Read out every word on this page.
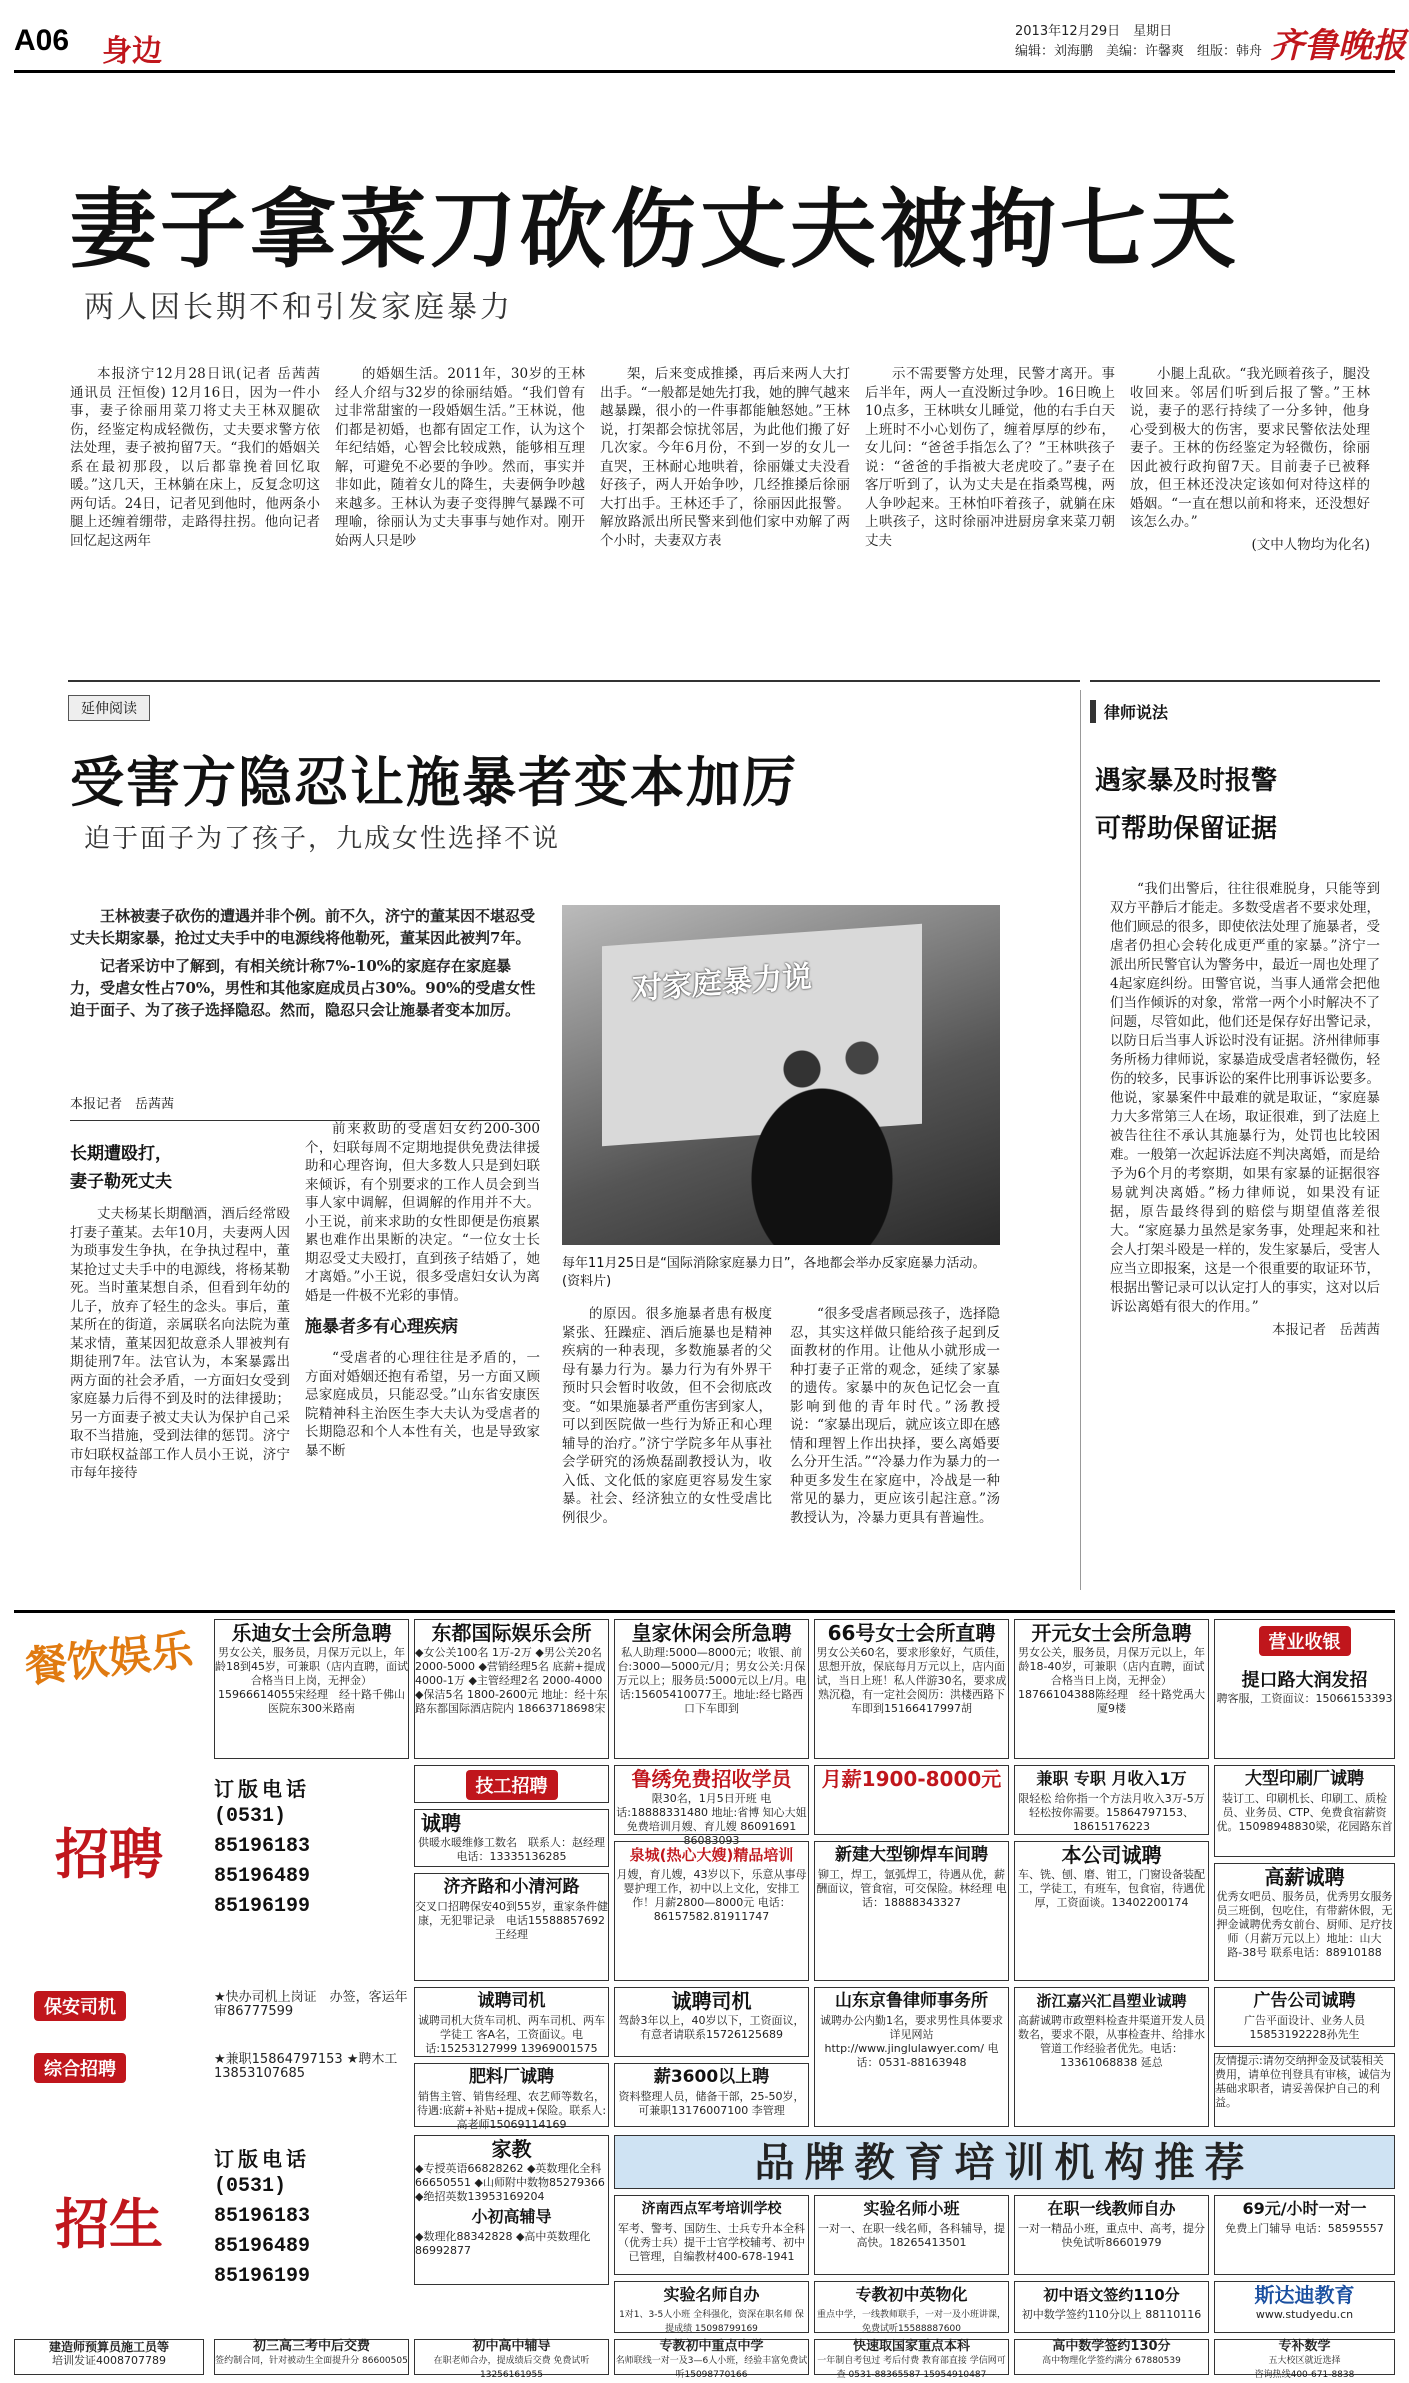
A06 身边
2013年12月29日　星期日
编辑：刘海鹏　美编：许馨爽　组版：韩舟 齐鲁晚报
妻子拿菜刀砍伤丈夫被拘七天
两人因长期不和引发家庭暴力

本报济宁12月28日讯(记者 岳茜茜 通讯员 汪恒俊) 12月16日，因为一件小事，妻子徐丽用菜刀将丈夫王林双腿砍伤，经鉴定构成轻微伤，丈夫要求警方依法处理，妻子被拘留7天。“我们的婚姻关系在最初那段，以后都靠挽着回忆取暖。”这几天，王林躺在床上，反复念叨这两句话。24日，记者见到他时，他两条小腿上还缠着绷带，走路得拄拐。他向记者回忆起这两年

的婚姻生活。2011年，30岁的王林经人介绍与32岁的徐丽结婚。“我们曾有过非常甜蜜的一段婚姻生活。”王林说，他们都是初婚，也都有固定工作，认为这个年纪结婚，心智会比较成熟，能够相互理解，可避免不必要的争吵。然而，事实并非如此，随着女儿的降生，夫妻俩争吵越来越多。王林认为妻子变得脾气暴躁不可理喻，徐丽认为丈夫事事与她作对。刚开始两人只是吵

架，后来变成推搡，再后来两人大打出手。“一般都是她先打我，她的脾气越来越暴躁，很小的一件事都能触怒她。”王林说，打架都会惊扰邻居，为此他们搬了好几次家。今年6月份，不到一岁的女儿一直哭，王林耐心地哄着，徐丽嫌丈夫没看好孩子，两人开始争吵，几经推搡后徐丽大打出手。王林还手了，徐丽因此报警。解放路派出所民警来到他们家中劝解了两个小时，夫妻双方表

示不需要警方处理，民警才离开。事后半年，两人一直没断过争吵。16日晚上10点多，王林哄女儿睡觉，他的右手白天上班时不小心划伤了，缠着厚厚的纱布，女儿问：“爸爸手指怎么了？”王林哄孩子说：“爸爸的手指被大老虎咬了。”妻子在客厅听到了，认为丈夫是在指桑骂槐，两人争吵起来。王林怕吓着孩子，就躺在床上哄孩子，这时徐丽冲进厨房拿来菜刀朝丈夫

小腿上乱砍。“我光顾着孩子，腿没收回来。邻居们听到后报了警。”王林说，妻子的恶行持续了一分多钟，他身心受到极大的伤害，要求民警依法处理妻子。王林的伤经鉴定为轻微伤，徐丽因此被行政拘留7天。目前妻子已被释放，但王林还没决定该如何对待这样的婚姻。“一直在想以前和将来，还没想好该怎么办。”

(文中人物均为化名)
延伸阅读
受害方隐忍让施暴者变本加厉
迫于面子为了孩子，九成女性选择不说

王林被妻子砍伤的遭遇并非个例。前不久，济宁的董某因不堪忍受丈夫长期家暴，抢过丈夫手中的电源线将他勒死，董某因此被判7年。

记者采访中了解到，有相关统计称7%-10%的家庭存在家庭暴力，受虐女性占70%，男性和其他家庭成员占30%。90%的受虐女性迫于面子、为了孩子选择隐忍。然而，隐忍只会让施暴者变本加厉。

本报记者　岳茜茜
长期遭殴打，
妻子勒死丈夫

丈夫杨某长期酗酒，酒后经常殴打妻子董某。去年10月，夫妻两人因为琐事发生争执，在争执过程中，董某抢过丈夫手中的电源线，将杨某勒死。当时董某想自杀，但看到年幼的儿子，放弃了轻生的念头。事后，董某所在的街道，亲属联名向法院为董某求情，董某因犯故意杀人罪被判有期徒刑7年。法官认为，本案暴露出两方面的社会矛盾，一方面妇女受到家庭暴力后得不到及时的法律援助；另一方面妻子被丈夫认为保护自己采取不当措施，受到法律的惩罚。济宁市妇联权益部工作人员小王说，济宁市每年接待

前来救助的受虐妇女约200-300个，妇联每周不定期地提供免费法律援助和心理咨询，但大多数人只是到妇联来倾诉，有个别要求的工作人员会到当事人家中调解，但调解的作用并不大。小王说，前来求助的女性即便是伤痕累累也难作出果断的决定。“一位女士长期忍受丈夫殴打，直到孩子结婚了，她才离婚。”小王说，很多受虐妇女认为离婚是一件极不光彩的事情。

施暴者多有心理疾病

“受虐者的心理往往是矛盾的，一方面对婚姻还抱有希望，另一方面又顾忌家庭成员，只能忍受。”山东省安康医院精神科主治医生李大夫认为受虐者的长期隐忍和个人本性有关，也是导致家暴不断

对家庭暴力说
每年11月25日是“国际消除家庭暴力日”，各地都会举办反家庭暴力活动。(资料片)

的原因。很多施暴者患有极度紧张、狂躁症、酒后施暴也是精神疾病的一种表现，多数施暴者的父母有暴力行为。暴力行为有外界干预时只会暂时收敛，但不会彻底改变。“如果施暴者严重伤害到家人，可以到医院做一些行为矫正和心理辅导的治疗。”济宁学院多年从事社会学研究的汤焕磊副教授认为，收入低、文化低的家庭更容易发生家暴。社会、经济独立的女性受虐比例很少。

“很多受虐者顾忌孩子，选择隐忍，其实这样做只能给孩子起到反面教材的作用。让他从小就形成一种打妻子正常的观念，延续了家暴的遗传。家暴中的灰色记忆会一直影响到他的青年时代。”汤教授说：“家暴出现后，就应该立即在感情和理智上作出抉择，要么离婚要么分开生活。”“冷暴力作为暴力的一种更多发生在家庭中，冷战是一种常见的暴力，更应该引起注意。”汤教授认为，冷暴力更具有普遍性。

律师说法
遇家暴及时报警
可帮助保留证据

“我们出警后，往往很难脱身，只能等到双方平静后才能走。多数受虐者不要求处理，他们顾忌的很多，即使依法处理了施暴者，受虐者仍担心会转化成更严重的家暴。”济宁一派出所民警官认为警务中，最近一周也处理了4起家庭纠纷。田警官说，当事人通常会把他们当作倾诉的对象，常常一两个小时解决不了问题，尽管如此，他们还是保存好出警记录，以防日后当事人诉讼时没有证据。济州律师事务所杨力律师说，家暴造成受虐者轻微伤，轻伤的较多，民事诉讼的案件比刑事诉讼要多。他说，家暴案件中最难的就是取证，“家庭暴力大多常第三人在场，取证很难，到了法庭上被告往往不承认其施暴行为，处罚也比较困难。一般第一次起诉法庭不判决离婚，而是给予为6个月的考察期，如果有家暴的证据很容易就判决离婚。”杨力律师说，如果没有证据，原告最终得到的赔偿与期望值落差很大。“家庭暴力虽然是家务事，处理起来和社会人打架斗殴是一样的，发生家暴后，受害人应当立即报案，这是一个很重要的取证环节，根据出警记录可以认定打人的事实，这对以后诉讼离婚有很大的作用。”

本报记者　岳茜茜
餐饮娱乐	乐迪女士会所急聘
男女公关，服务员，月保万元以上，年龄18到45岁，可兼职（店内直聘，面试合格当日上岗，无押金）15966614055宋经理　经十路千佛山医院东300米路南
东都国际娱乐会所
◆女公关100名 1万-2万 ◆男公关20名 2000-5000 ◆营销经理5名 底薪+提成 4000-1万 ◆主管经理2名 2000-4000 ◆保洁5名 1800-2600元 地址：经十东路东都国际酒店院内 18663718698宋
皇家休闲会所急聘
私人助理:5000—8000元；收银、前台:3000—5000元/月；男女公关:月保万元以上；服务员:5000元以上/月。电话:15605410077王。地址:经七路西口下车即到
66号女士会所直聘
男女公关60名，要求形象好，气质佳，思想开放，保底每月万元以上，店内面试，当日上班！私人伴游30名，要求成熟沉稳，有一定社会阅历：洪楼西路下车即到15166417997胡
开元女士会所急聘
男女公关，服务员，月保万元以上，年龄18-40岁，可兼职（店内直聘，面试合格当日上岗，无押金）18766104388陈经理　经十路党禹大厦9楼
营业收银
提口路大润发招
聘客服，工资面议：15066153393
招聘
订版电话
(0531)
85196183
85196489
85196199
技工招聘	鲁绣免费招收学员
限30名，1月5日开班 电话:18888331480 地址:省博 知心大姐免费培训月嫂、育儿嫂 86091691 86083093
月薪1900-8000元	兼职 专职 月收入1万
限轻松 给你指一个方法月收入3万-5万轻松按你需要。15864797153、18615176223
大型印刷厂诚聘
装订工、印刷机长、印刷工、质检员、业务员、CTP、免费食宿薪资优。15098948830梁，花园路东首
诚聘
供暖水暖维修工数名　联系人：赵经理　电话：13335136285	泉城(热心大嫂)精品培训
月嫂，育儿嫂，43岁以下，乐意从事母婴护理工作，初中以上文化，安排工作！月薪2800—8000元 电话：86157582.81911747
新建大型铆焊车间聘
铆工，焊工，氩弧焊工，待遇从优，薪酬面议，管食宿，可交保险。林经理 电话：18888343327
本公司诚聘
车、铣、刨、磨、钳工，门窗设备装配工，学徒工，有班车，包食宿，待遇优厚，工资面谈。13402200174
高薪诚聘
优秀女吧员、服务员，优秀男女服务员三班倒，包吃住，有带薪休假，无押金诚聘优秀女前台、厨师、足疗技师（月薪万元以上）地址：山大路-38号 联系电话：88910188
济齐路和小清河路
交叉口招聘保安40到55岁，重家条件健康，无犯罪记录　电话15588857692 王经理
保安司机	★快办司机上岗证　办签，客运年审86777599
诚聘司机
诚聘司机大货车司机、两车司机、两车学徒工 客A名，工资面议。电话:15253127999 13969001575
诚聘司机
驾龄3年以上，40岁以下，工资面议，有意者请联系15726125689
山东京鲁律师事务所
诚聘办公内勤1名，要求男性具体要求详见网站 http://www.jinglulawyer.com/ 电话：0531-88163948
浙江嘉兴汇昌塑业诚聘
高薪诚聘市政塑料检查井渠道开发人员数名，要求不限，从事检查井、给排水管道工作经验者优先。电话：13361068838 延总
广告公司诚聘
广告平面设计、业务人员15853192228孙先生
综合招聘	★兼职15864797153 ★聘木工13853107685	肥料厂诚聘
销售主管、销售经理、农艺师等数名，待遇:底薪+补贴+提成+保险。联系人:高老师15069114169
薪3600以上聘
资料整理人员，储备干部，25-50岁，可兼职13176007100 李管理
友情提示:请勿交纳押金及试装相关费用，请单位刊登具有审核，诚信为基础求职者，请妥善保护自己的利益。
招生
订版电话
(0531)
85196183
85196489
85196199
家教
◆专授英语66828262 ◆英数理化全科66650551 ◆山师附中数物85279366 ◆绝招英数13953169204
小初高辅导
◆数理化88342828 ◆高中英数理化86992877
品牌教育培训机构推荐
济南西点军考培训学校
军考、警考、国防生、士兵专升本全科（优秀士兵）提干士官学校辅考、初中已管理，自编教材400-678-1941
实验名师小班
一对一、在职一线名师，各科辅导，提高快。18265413501
在职一线教师自办
一对一精品小班，重点中、高考，提分快免试听86601979
69元/小时一对一
免费上门辅导 电话：58595557
实验名师自办
1对1、3-5人小班 全科强化，资深在职名师 保提成绩 15098799169
专教初中英物化
重点中学，一线教师联手，一对一及小班讲课，免费试听15588887600
初中语文签约110分
初中数学签约110分以上 88110116
斯达迪教育
www.studyedu.cn
建造师预算员施工员等
培训发证4008707789
初三高三考中后交费
签约制合同，针对被动生全面提升分 86600505
初中高中辅导
在职老师合办，提成绩后交费 免费试听13256161955
专教初中重点中学
名师联线一对一及3—6人小班，经验丰富免费试听15098770166
快速取国家重点本科
一年制自考包过 考后付费 教育部直接 学信网可查 0531-88365587 15954910487
高中数学签约130分
高中物理化学签约满分 67880539
专补数学
五大校区就近选择
咨询热线400-671-8838
